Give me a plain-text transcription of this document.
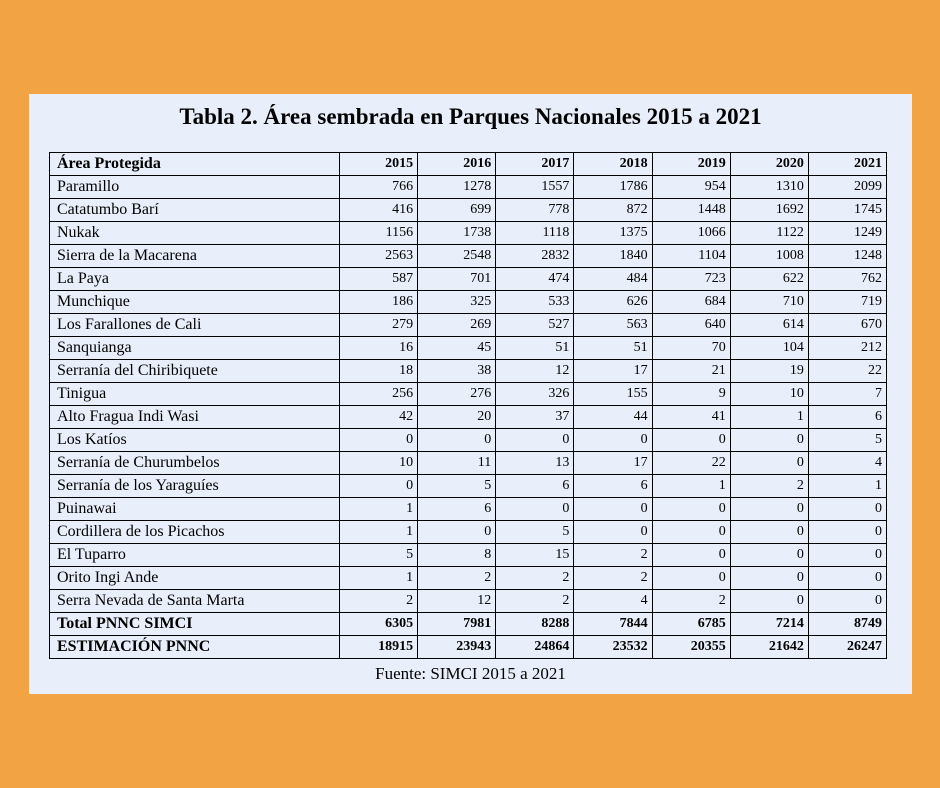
Tabla 2. Área sembrada en Parques Nacionales 2015 a 2021
Área Protegida	2015	2016	2017	2018	2019	2020	2021
Paramillo	766	1278	1557	1786	954	1310	2099
Catatumbo Barí	416	699	778	872	1448	1692	1745
Nukak	1156	1738	1118	1375	1066	1122	1249
Sierra de la Macarena	2563	2548	2832	1840	1104	1008	1248
La Paya	587	701	474	484	723	622	762
Munchique	186	325	533	626	684	710	719
Los Farallones de Cali	279	269	527	563	640	614	670
Sanquianga	16	45	51	51	70	104	212
Serranía del Chiribiquete	18	38	12	17	21	19	22
Tinigua	256	276	326	155	9	10	7
Alto Fragua Indi Wasi	42	20	37	44	41	1	6
Los Katíos	0	0	0	0	0	0	5
Serranía de Churumbelos	10	11	13	17	22	0	4
Serranía de los Yaraguíes	0	5	6	6	1	2	1
Puinawai	1	6	0	0	0	0	0
Cordillera de los Picachos	1	0	5	0	0	0	0
El Tuparro	5	8	15	2	0	0	0
Orito Ingi Ande	1	2	2	2	0	0	0
Serra Nevada de Santa Marta	2	12	2	4	2	0	0
Total PNNC SIMCI	6305	7981	8288	7844	6785	7214	8749
ESTIMACIÓN PNNC	18915	23943	24864	23532	20355	21642	26247
Fuente: SIMCI 2015 a 2021
